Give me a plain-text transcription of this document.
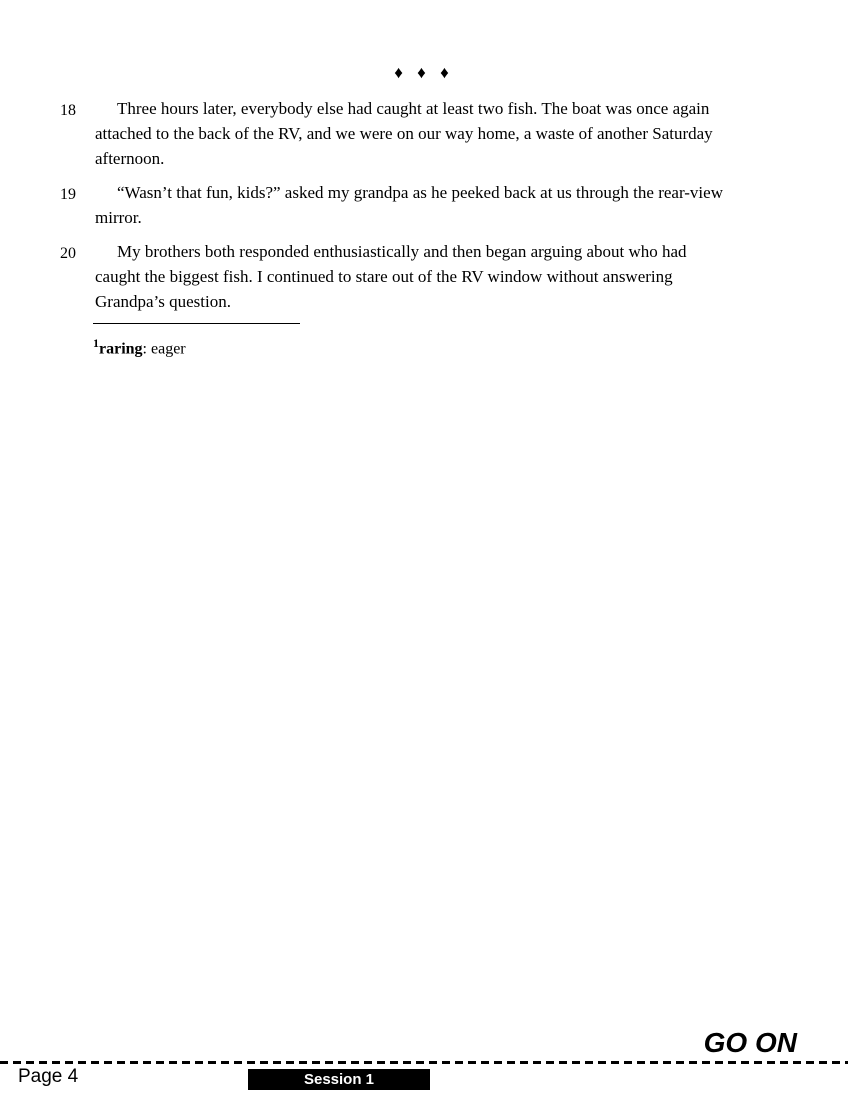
♦ ♦ ♦
18	Three hours later, everybody else had caught at least two fish. The boat was once again attached to the back of the RV, and we were on our way home, a waste of another Saturday afternoon.
19	“Wasn’t that fun, kids?” asked my grandpa as he peeked back at us through the rear-view mirror.
20	My brothers both responded enthusiastically and then began arguing about who had caught the biggest fish. I continued to stare out of the RV window without answering Grandpa’s question.
$^1$raring: eager
GO ON
Page 4	Session 1
